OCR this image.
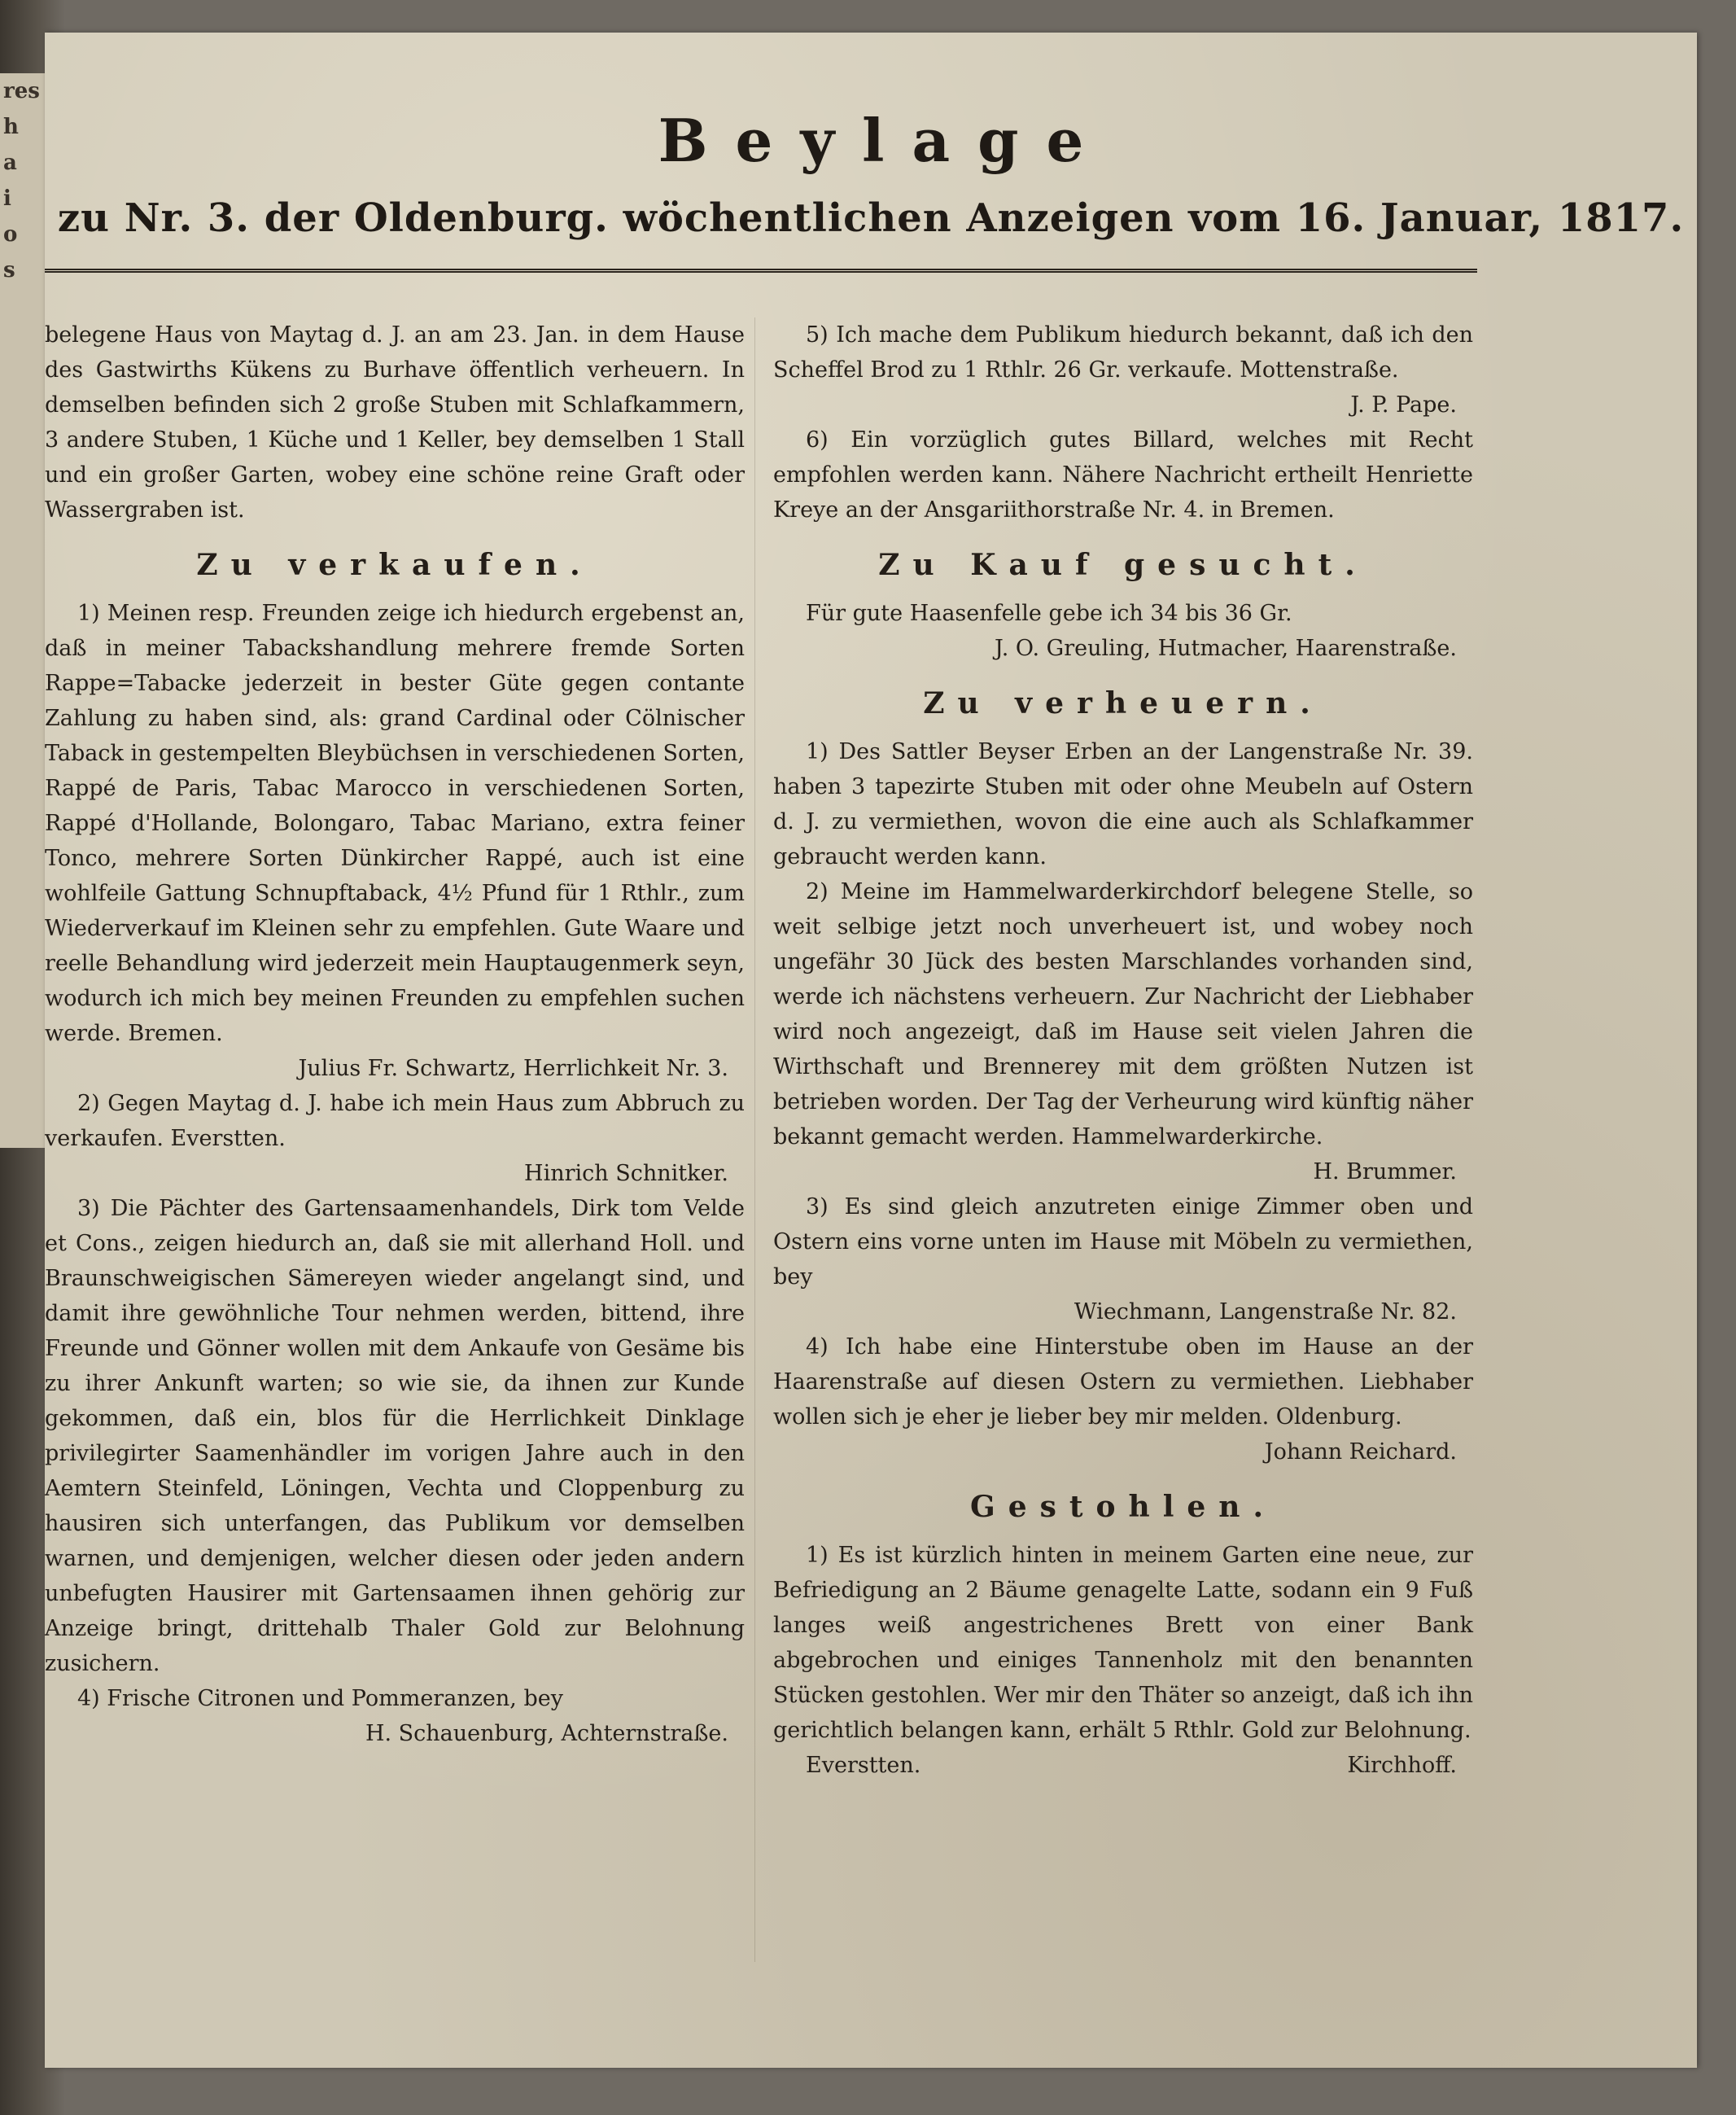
res
h
a
i
o
s
Beylage
zu Nr. 3. der Oldenburg. wöchentlichen Anzeigen vom 16. Januar, 1817.

belegene Haus von Maytag d. J. an am 23. Jan. in dem Hause des Gastwirths Kükens zu Burhave öffentlich verheuern. In demselben befinden sich 2 große Stuben mit Schlafkammern, 3 andere Stuben, 1 Küche und 1 Keller, bey demselben 1 Stall und ein großer Garten, wobey eine schöne reine Graft oder Wassergraben ist.

Zu verkaufen.

1) Meinen resp. Freunden zeige ich hiedurch ergebenst an, daß in meiner Tabackshandlung mehrere fremde Sorten Rappe=Tabacke jederzeit in bester Güte gegen contante Zahlung zu haben sind, als: grand Cardinal oder Cölnischer Taback in gestempelten Bleybüchsen in verschiedenen Sorten, Rappé de Paris, Tabac Marocco in verschiedenen Sorten, Rappé d'Hollande, Bolongaro, Tabac Mariano, extra feiner Tonco, mehrere Sorten Dünkircher Rappé, auch ist eine wohlfeile Gattung Schnupftaback, 4½ Pfund für 1 Rthlr., zum Wiederverkauf im Kleinen sehr zu empfehlen. Gute Waare und reelle Behandlung wird jederzeit mein Hauptaugenmerk seyn, wodurch ich mich bey meinen Freunden zu empfehlen suchen werde. Bremen.

Julius Fr. Schwartz, Herrlichkeit Nr. 3.

2) Gegen Maytag d. J. habe ich mein Haus zum Abbruch zu verkaufen. Everstten.

Hinrich Schnitker.

3) Die Pächter des Gartensaamenhandels, Dirk tom Velde et Cons., zeigen hiedurch an, daß sie mit allerhand Holl. und Braunschweigischen Sämereyen wieder angelangt sind, und damit ihre gewöhnliche Tour nehmen werden, bittend, ihre Freunde und Gönner wollen mit dem Ankaufe von Gesäme bis zu ihrer Ankunft warten; so wie sie, da ihnen zur Kunde gekommen, daß ein, blos für die Herrlichkeit Dinklage privilegirter Saamenhändler im vorigen Jahre auch in den Aemtern Steinfeld, Löningen, Vechta und Cloppenburg zu hausiren sich unterfangen, das Publikum vor demselben warnen, und demjenigen, welcher diesen oder jeden andern unbefugten Hausirer mit Gartensaamen ihnen gehörig zur Anzeige bringt, drittehalb Thaler Gold zur Belohnung zusichern.

4) Frische Citronen und Pommeranzen, bey

H. Schauenburg, Achternstraße.

5) Ich mache dem Publikum hiedurch bekannt, daß ich den Scheffel Brod zu 1 Rthlr. 26 Gr. verkaufe. Mottenstraße.

J. P. Pape.

6) Ein vorzüglich gutes Billard, welches mit Recht empfohlen werden kann. Nähere Nachricht ertheilt Henriette Kreye an der Ansgariithorstraße Nr. 4. in Bremen.

Zu Kauf gesucht.

Für gute Haasenfelle gebe ich 34 bis 36 Gr.

J. O. Greuling, Hutmacher, Haarenstraße.

Zu verheuern.

1) Des Sattler Beyser Erben an der Langenstraße Nr. 39. haben 3 tapezirte Stuben mit oder ohne Meubeln auf Ostern d. J. zu vermiethen, wovon die eine auch als Schlafkammer gebraucht werden kann.

2) Meine im Hammelwarderkirchdorf belegene Stelle, so weit selbige jetzt noch unverheuert ist, und wobey noch ungefähr 30 Jück des besten Marschlandes vorhanden sind, werde ich nächstens verheuern. Zur Nachricht der Liebhaber wird noch angezeigt, daß im Hause seit vielen Jahren die Wirthschaft und Brennerey mit dem größten Nutzen ist betrieben worden. Der Tag der Verheurung wird künftig näher bekannt gemacht werden. Hammelwarderkirche.

H. Brummer.

3) Es sind gleich anzutreten einige Zimmer oben und Ostern eins vorne unten im Hause mit Möbeln zu vermiethen, bey

Wiechmann, Langenstraße Nr. 82.

4) Ich habe eine Hinterstube oben im Hause an der Haarenstraße auf diesen Ostern zu vermiethen. Liebhaber wollen sich je eher je lieber bey mir melden. Oldenburg.

Johann Reichard.

Gestohlen.

1) Es ist kürzlich hinten in meinem Garten eine neue, zur Befriedigung an 2 Bäume genagelte Latte, sodann ein 9 Fuß langes weiß angestrichenes Brett von einer Bank abgebrochen und einiges Tannenholz mit den benannten Stücken gestohlen. Wer mir den Thäter so anzeigt, daß ich ihn gerichtlich belangen kann, erhält 5 Rthlr. Gold zur Belohnung.

Everstten.	Kirchhoff.
